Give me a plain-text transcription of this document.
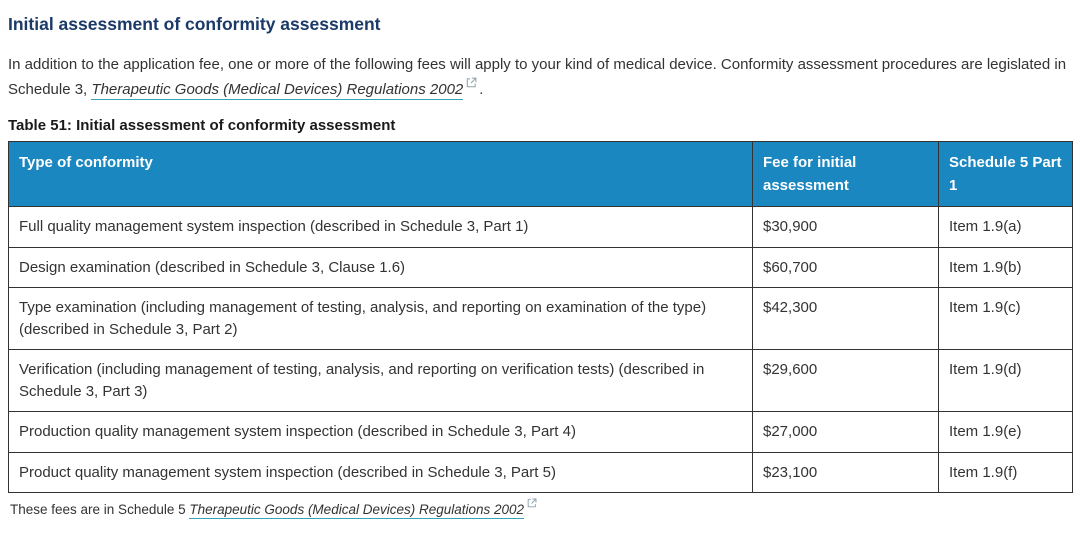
Initial assessment of conformity assessment

In addition to the application fee, one or more of the following fees will apply to your kind of medical device. Conformity assessment procedures are legislated in Schedule 3, Therapeutic Goods (Medical Devices) Regulations 2002 .

Table 51: Initial assessment of conformity assessment

Type of conformity	Fee for initial assessment	Schedule 5 Part 1
Full quality management system inspection (described in Schedule 3, Part 1)	$30,900	Item 1.9(a)
Design examination (described in Schedule 3, Clause 1.6)	$60,700	Item 1.9(b)
Type examination (including management of testing, analysis, and reporting on examination of the type) (described in Schedule 3, Part 2)	$42,300	Item 1.9(c)
Verification (including management of testing, analysis, and reporting on verification tests) (described in Schedule 3, Part 3)	$29,600	Item 1.9(d)
Production quality management system inspection (described in Schedule 3, Part 4)	$27,000	Item 1.9(e)
Product quality management system inspection (described in Schedule 3, Part 5)	$23,100	Item 1.9(f)

These fees are in Schedule 5 Therapeutic Goods (Medical Devices) Regulations 2002
